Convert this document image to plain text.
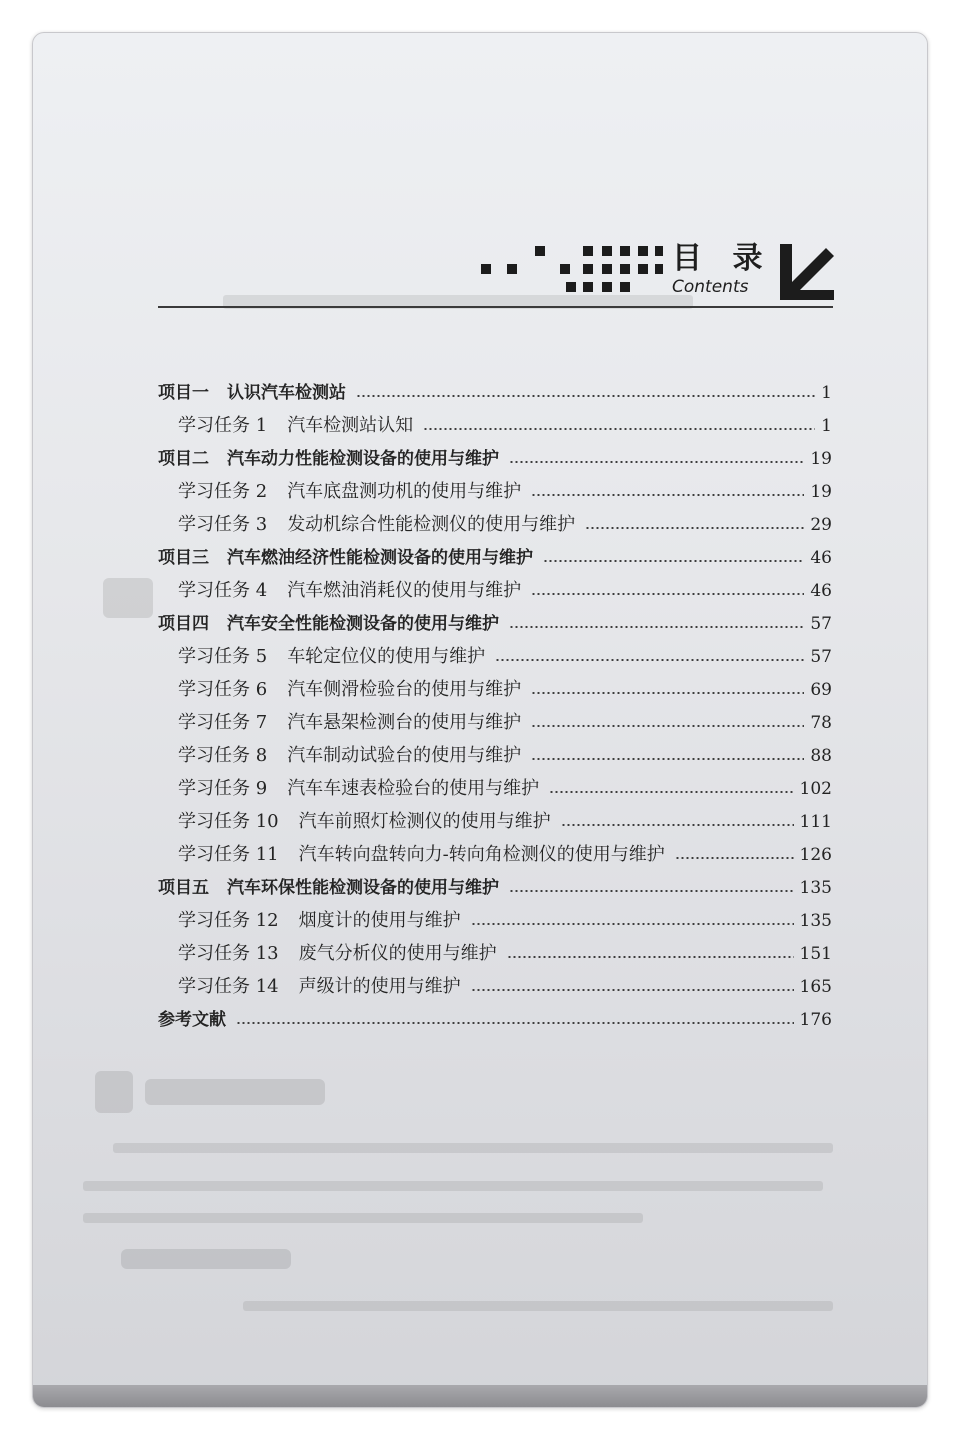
目 录
Contents
项目一 认识汽车检测站	1
学习任务 1 汽车检测站认知	1
项目二 汽车动力性能检测设备的使用与维护	19
学习任务 2 汽车底盘测功机的使用与维护	19
学习任务 3 发动机综合性能检测仪的使用与维护	29
项目三 汽车燃油经济性能检测设备的使用与维护	46
学习任务 4 汽车燃油消耗仪的使用与维护	46
项目四 汽车安全性能检测设备的使用与维护	57
学习任务 5 车轮定位仪的使用与维护	57
学习任务 6 汽车侧滑检验台的使用与维护	69
学习任务 7 汽车悬架检测台的使用与维护	78
学习任务 8 汽车制动试验台的使用与维护	88
学习任务 9 汽车车速表检验台的使用与维护	102
学习任务 10 汽车前照灯检测仪的使用与维护	111
学习任务 11 汽车转向盘转向力-转向角检测仪的使用与维护	126
项目五 汽车环保性能检测设备的使用与维护	135
学习任务 12 烟度计的使用与维护	135
学习任务 13 废气分析仪的使用与维护	151
学习任务 14 声级计的使用与维护	165
参考文献	176
